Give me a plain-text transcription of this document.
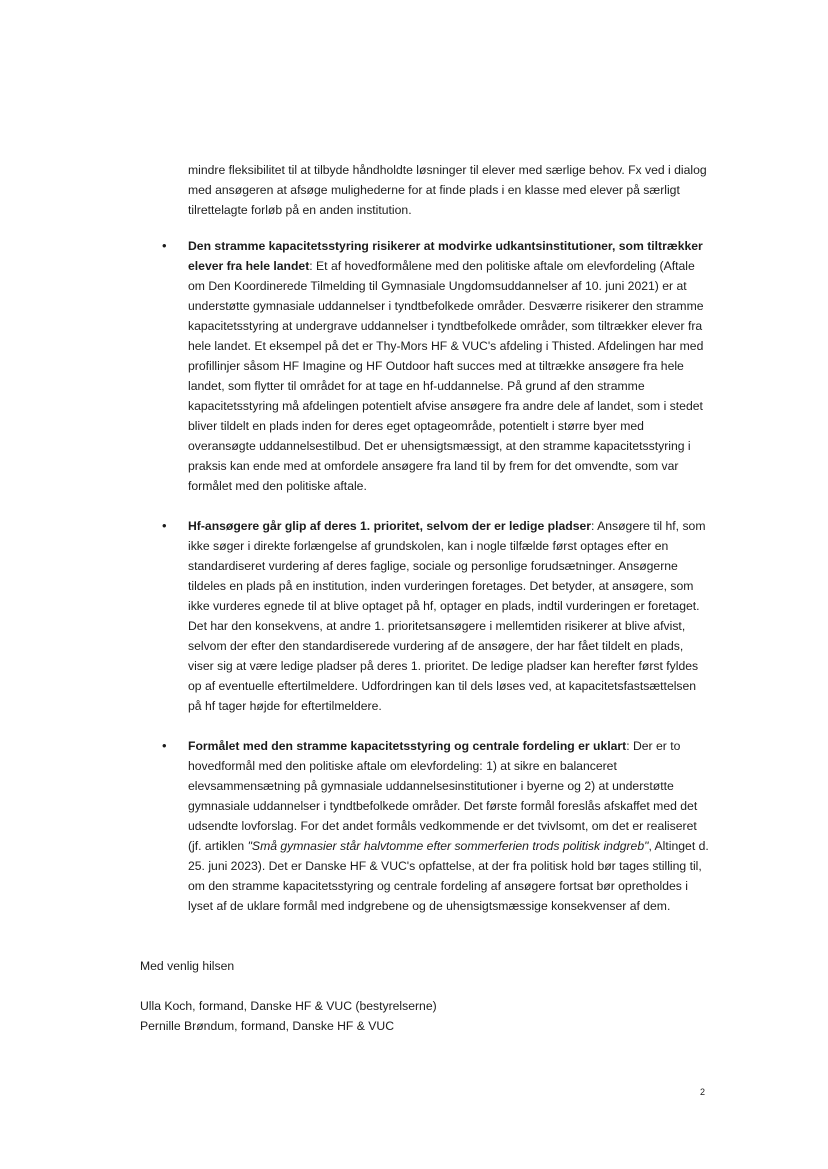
mindre fleksibilitet til at tilbyde håndholdte løsninger til elever med særlige behov. Fx ved i dialog med ansøgeren at afsøge mulighederne for at finde plads i en klasse med elever på særligt tilrettelagte forløb på en anden institution.

• Den stramme kapacitetsstyring risikerer at modvirke udkantsinstitutioner, som tiltrækker elever fra hele landet: Et af hovedformålene med den politiske aftale om elevfordeling (Aftale om Den Koordinerede Tilmelding til Gymnasiale Ungdomsuddannelser af 10. juni 2021) er at understøtte gymnasiale uddannelser i tyndtbefolkede områder. Desværre risikerer den stramme kapacitetsstyring at undergrave uddannelser i tyndtbefolkede områder, som tiltrækker elever fra hele landet. Et eksempel på det er Thy-Mors HF & VUC's afdeling i Thisted. Afdelingen har med profillinjer såsom HF Imagine og HF Outdoor haft succes med at tiltrække ansøgere fra hele landet, som flytter til området for at tage en hf-uddannelse. På grund af den stramme kapacitetsstyring må afdelingen potentielt afvise ansøgere fra andre dele af landet, som i stedet bliver tildelt en plads inden for deres eget optageområde, potentielt i større byer med overansøgte uddannelsestilbud. Det er uhensigtsmæssigt, at den stramme kapacitetsstyring i praksis kan ende med at omfordele ansøgere fra land til by frem for det omvendte, som var formålet med den politiske aftale.
• Hf-ansøgere går glip af deres 1. prioritet, selvom der er ledige pladser: Ansøgere til hf, som ikke søger i direkte forlængelse af grundskolen, kan i nogle tilfælde først optages efter en standardiseret vurdering af deres faglige, sociale og personlige forudsætninger. Ansøgerne tildeles en plads på en institution, inden vurderingen foretages. Det betyder, at ansøgere, som ikke vurderes egnede til at blive optaget på hf, optager en plads, indtil vurderingen er foretaget. Det har den konsekvens, at andre 1. prioritetsansøgere i mellemtiden risikerer at blive afvist, selvom der efter den standardiserede vurdering af de ansøgere, der har fået tildelt en plads, viser sig at være ledige pladser på deres 1. prioritet. De ledige pladser kan herefter først fyldes op af eventuelle eftertilmeldere. Udfordringen kan til dels løses ved, at kapacitetsfastsættelsen på hf tager højde for eftertilmeldere.
• Formålet med den stramme kapacitetsstyring og centrale fordeling er uklart: Der er to hovedformål med den politiske aftale om elevfordeling: 1) at sikre en balanceret elevsammensætning på gymnasiale uddannelsesinstitutioner i byerne og 2) at understøtte gymnasiale uddannelser i tyndtbefolkede områder. Det første formål foreslås afskaffet med det udsendte lovforslag. For det andet formåls vedkommende er det tvivlsomt, om det er realiseret (jf. artiklen "Små gymnasier står halvtomme efter sommerferien trods politisk indgreb", Altinget d. 25. juni 2023). Det er Danske HF & VUC's opfattelse, at der fra politisk hold bør tages stilling til, om den stramme kapacitetsstyring og centrale fordeling af ansøgere fortsat bør opretholdes i lyset af de uklare formål med indgrebene og de uhensigtsmæssige konsekvenser af dem.

Med venlig hilsen

Ulla Koch, formand, Danske HF & VUC (bestyrelserne)

Pernille Brøndum, formand, Danske HF & VUC

2
